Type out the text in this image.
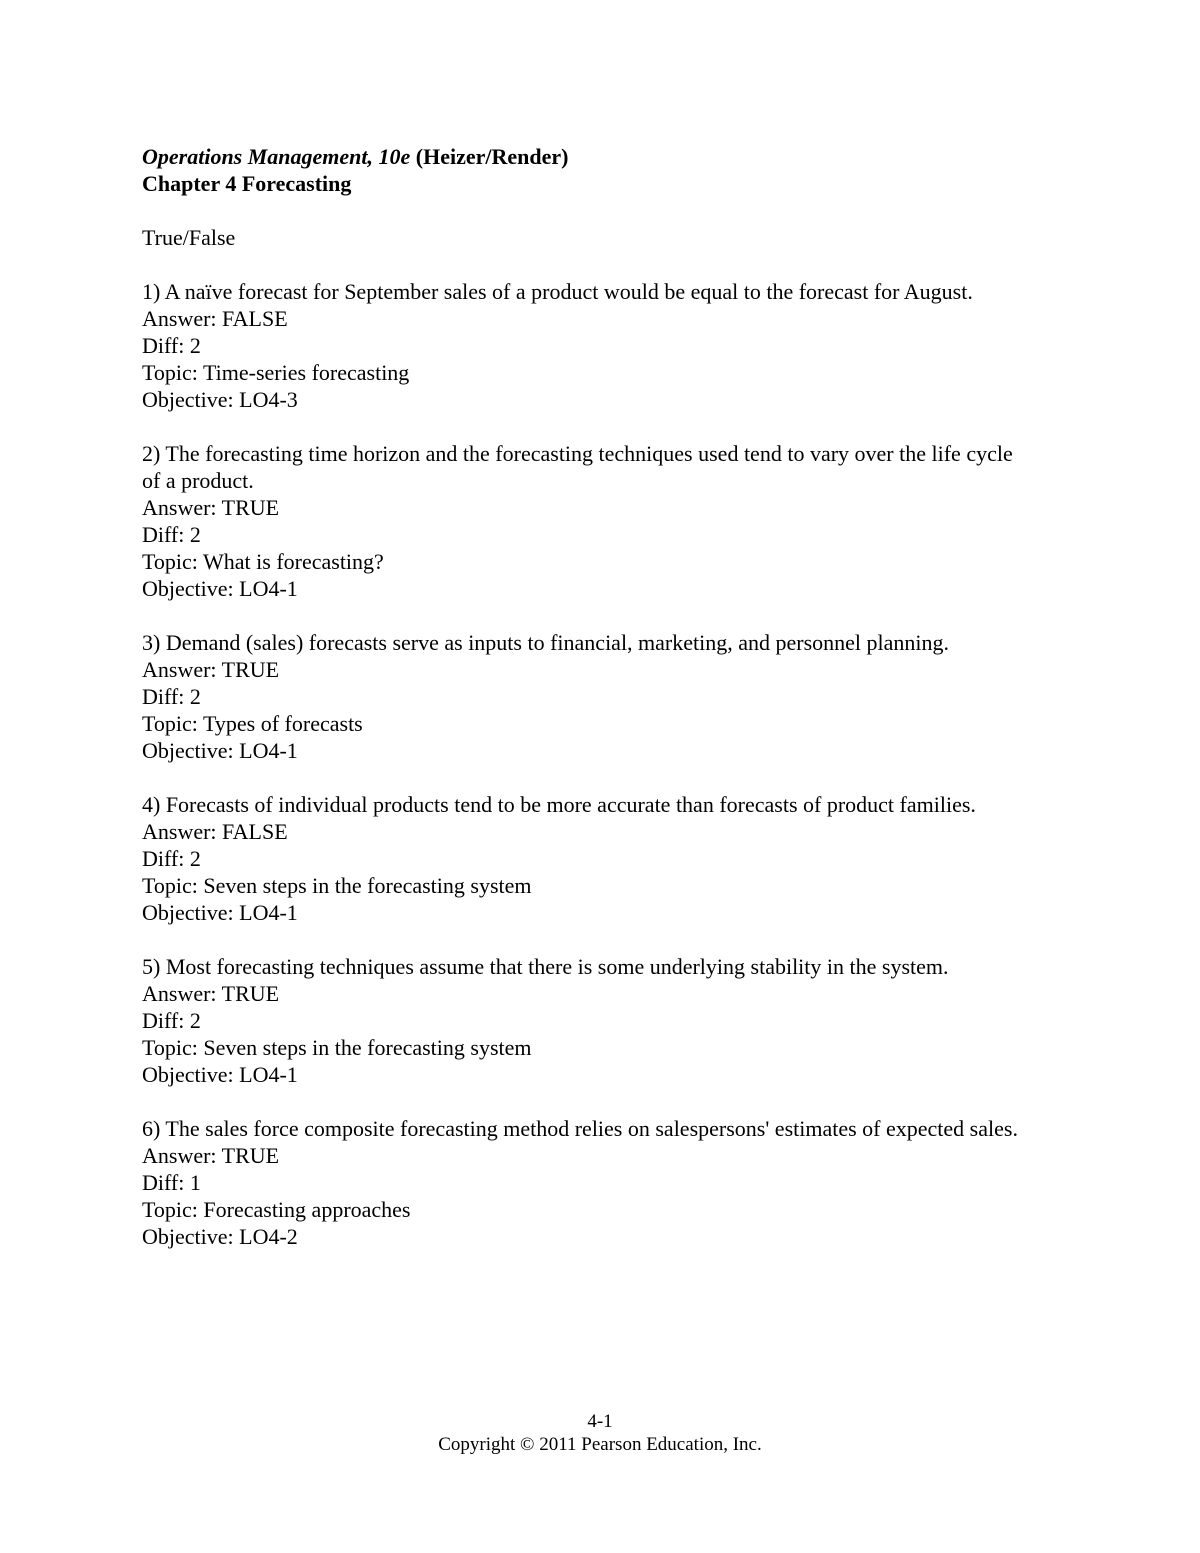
Operations Management, 10e (Heizer/Render)
Chapter 4 Forecasting
True/False
1) A naïve forecast for September sales of a product would be equal to the forecast for August.
Answer: FALSE
Diff: 2
Topic: Time-series forecasting
Objective: LO4-3
2) The forecasting time horizon and the forecasting techniques used tend to vary over the life cycle of a product.
Answer: TRUE
Diff: 2
Topic: What is forecasting?
Objective: LO4-1
3) Demand (sales) forecasts serve as inputs to financial, marketing, and personnel planning.
Answer: TRUE
Diff: 2
Topic: Types of forecasts
Objective: LO4-1
4) Forecasts of individual products tend to be more accurate than forecasts of product families.
Answer: FALSE
Diff: 2
Topic: Seven steps in the forecasting system
Objective: LO4-1
5) Most forecasting techniques assume that there is some underlying stability in the system.
Answer: TRUE
Diff: 2
Topic: Seven steps in the forecasting system
Objective: LO4-1
6) The sales force composite forecasting method relies on salespersons' estimates of expected sales.
Answer: TRUE
Diff: 1
Topic: Forecasting approaches
Objective: LO4-2
4-1
Copyright © 2011 Pearson Education, Inc.
